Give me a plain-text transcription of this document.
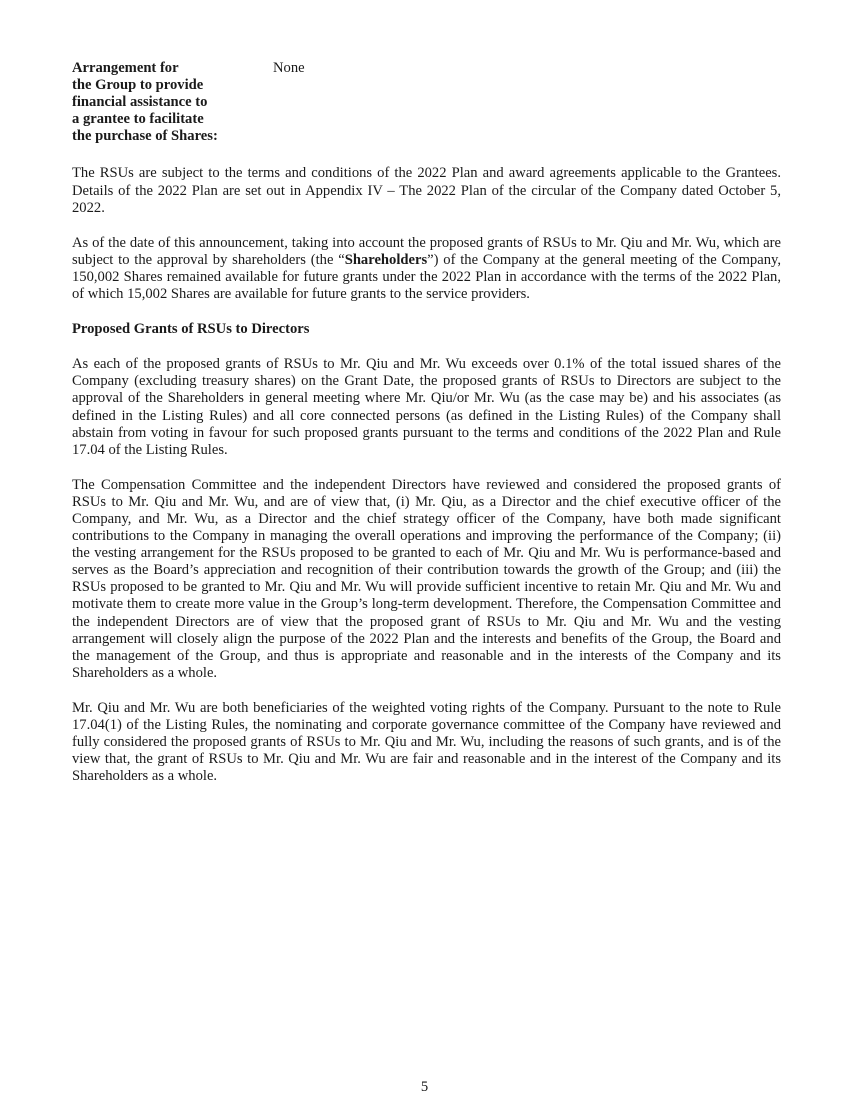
Arrangement for
the Group to provide
financial assistance to
a grantee to facilitate
the purchase of Shares:

None

The RSUs are subject to the terms and conditions of the 2022 Plan and award agreements applicable to the Grantees. Details of the 2022 Plan are set out in Appendix IV – The 2022 Plan of the circular of the Company dated October 5, 2022.

As of the date of this announcement, taking into account the proposed grants of RSUs to Mr. Qiu and Mr. Wu, which are subject to the approval by shareholders (the “Shareholders”) of the Company at the general meeting of the Company, 150,002 Shares remained available for future grants under the 2022 Plan in accordance with the terms of the 2022 Plan, of which 15,002 Shares are available for future grants to the service providers.

Proposed Grants of RSUs to Directors

As each of the proposed grants of RSUs to Mr. Qiu and Mr. Wu exceeds over 0.1% of the total issued shares of the Company (excluding treasury shares) on the Grant Date, the proposed grants of RSUs to Directors are subject to the approval of the Shareholders in general meeting where Mr. Qiu/or Mr. Wu (as the case may be) and his associates (as defined in the Listing Rules) and all core connected persons (as defined in the Listing Rules) of the Company shall abstain from voting in favour for such proposed grants pursuant to the terms and conditions of the 2022 Plan and Rule 17.04 of the Listing Rules.

The Compensation Committee and the independent Directors have reviewed and considered the proposed grants of RSUs to Mr. Qiu and Mr. Wu, and are of view that, (i) Mr. Qiu, as a Director and the chief executive officer of the Company, and Mr. Wu, as a Director and the chief strategy officer of the Company, have both made significant contributions to the Company in managing the overall operations and improving the performance of the Company; (ii) the vesting arrangement for the RSUs proposed to be granted to each of Mr. Qiu and Mr. Wu is performance-based and serves as the Board’s appreciation and recognition of their contribution towards the growth of the Group; and (iii) the RSUs proposed to be granted to Mr. Qiu and Mr. Wu will provide sufficient incentive to retain Mr. Qiu and Mr. Wu and motivate them to create more value in the Group’s long-term development. Therefore, the Compensation Committee and the independent Directors are of view that the proposed grant of RSUs to Mr. Qiu and Mr. Wu and the vesting arrangement will closely align the purpose of the 2022 Plan and the interests and benefits of the Group, the Board and the management of the Group, and thus is appropriate and reasonable and in the interests of the Company and its Shareholders as a whole.

Mr. Qiu and Mr. Wu are both beneficiaries of the weighted voting rights of the Company. Pursuant to the note to Rule 17.04(1) of the Listing Rules, the nominating and corporate governance committee of the Company have reviewed and fully considered the proposed grants of RSUs to Mr. Qiu and Mr. Wu, including the reasons of such grants, and is of the view that, the grant of RSUs to Mr. Qiu and Mr. Wu are fair and reasonable and in the interest of the Company and its Shareholders as a whole.

5
